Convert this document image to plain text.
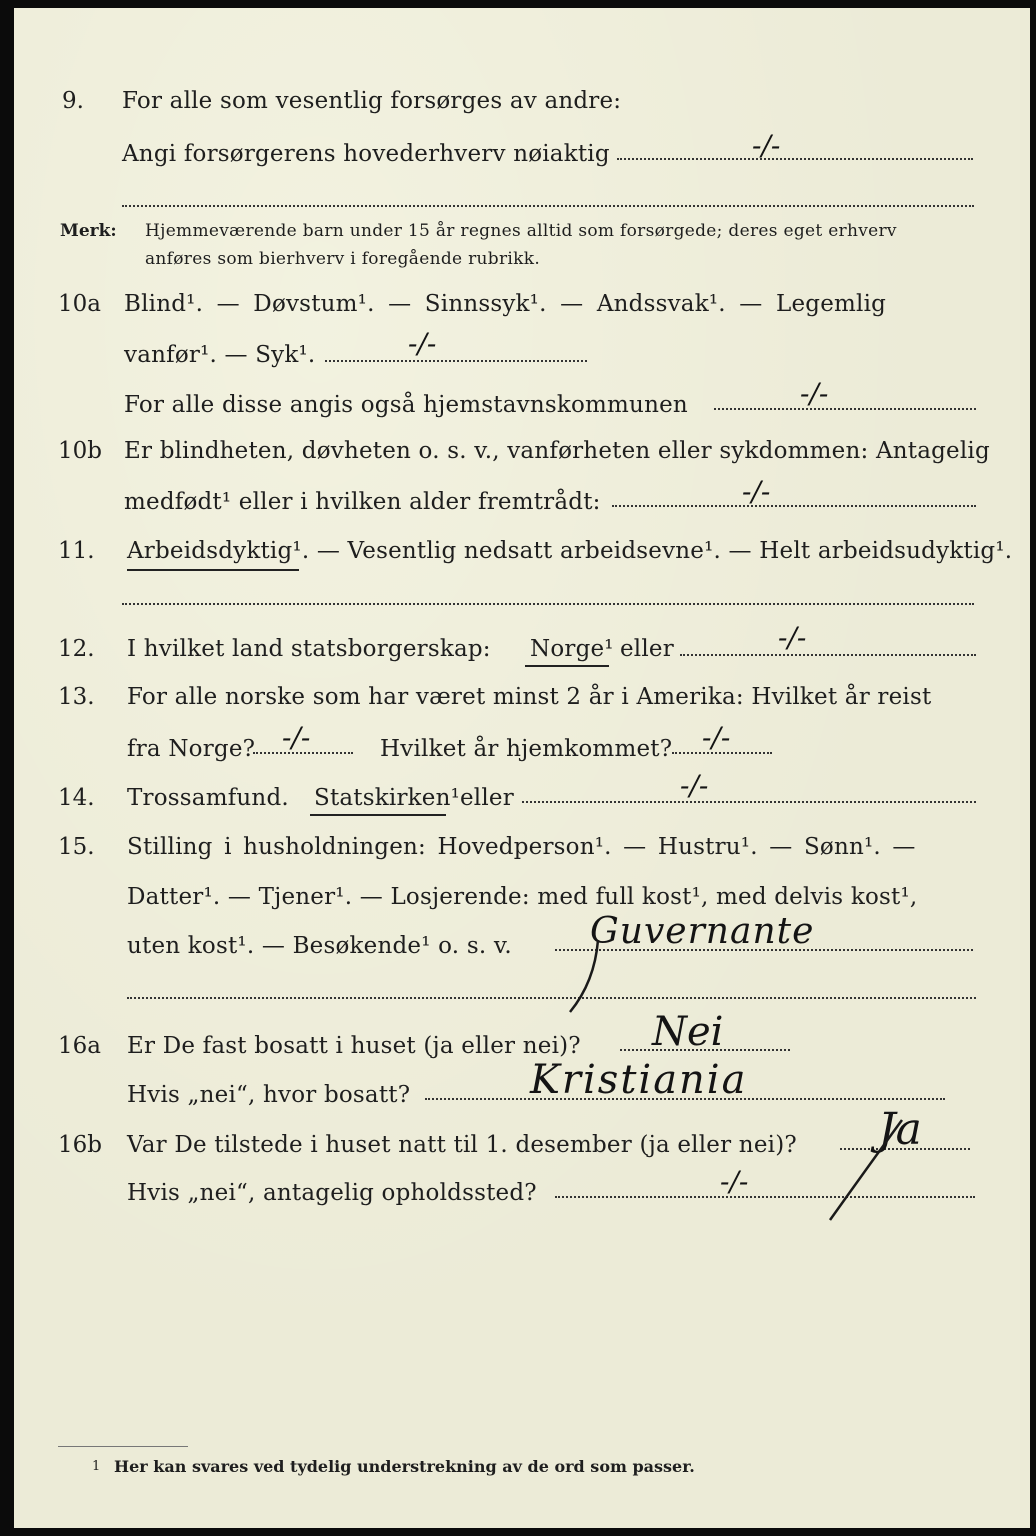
9. For alle som vesentlig forsørges av andre:
Angi forsørgerens hovederhverv nøiaktig	-/-
Merk: Hjemmeværende barn under 15 år regnes alltid som forsørgede; deres eget erhverv
anføres som bierhverv i foregående rubrikk.
10a Blind¹. — Døvstum¹. — Sinnssyk¹. — Andssvak¹. — Legemlig
vanfør¹. — Syk¹.	-/-
For alle disse angis også hjemstavnskommunen	-/-
10b Er blindheten, døvheten o. s. v., vanførheten eller sykdommen: Antagelig
medfødt¹ eller i hvilken alder fremtrådt:	-/-
11. Arbeidsdyktig¹. — Vesentlig nedsatt arbeidsevne¹. — Helt arbeidsudyktig¹.
12. I hvilket land statsborgerskap: Norge¹ eller	-/-
13. For alle norske som har været minst 2 år i Amerika: Hvilket år reist
fra Norge? -/-	Hvilket år hjemkommet? -/-
14. Trossamfund. Statskirken¹ eller	-/-
15. Stilling i husholdningen: Hovedperson¹. — Hustru¹. — Sønn¹. —
Datter¹. — Tjener¹. — Losjerende: med full kost¹, med delvis kost¹,
uten kost¹. — Besøkende¹ o. s. v. Guvernante
16a Er De fast bosatt i huset (ja eller nei)? Nei
Hvis „nei“, hvor bosatt?	Kristiania
16b Var De tilstede i huset natt til 1. desember (ja eller nei)? Ja
Hvis „nei“, antagelig opholdssted?	-/-
1 Her kan svares ved tydelig understrekning av de ord som passer.
